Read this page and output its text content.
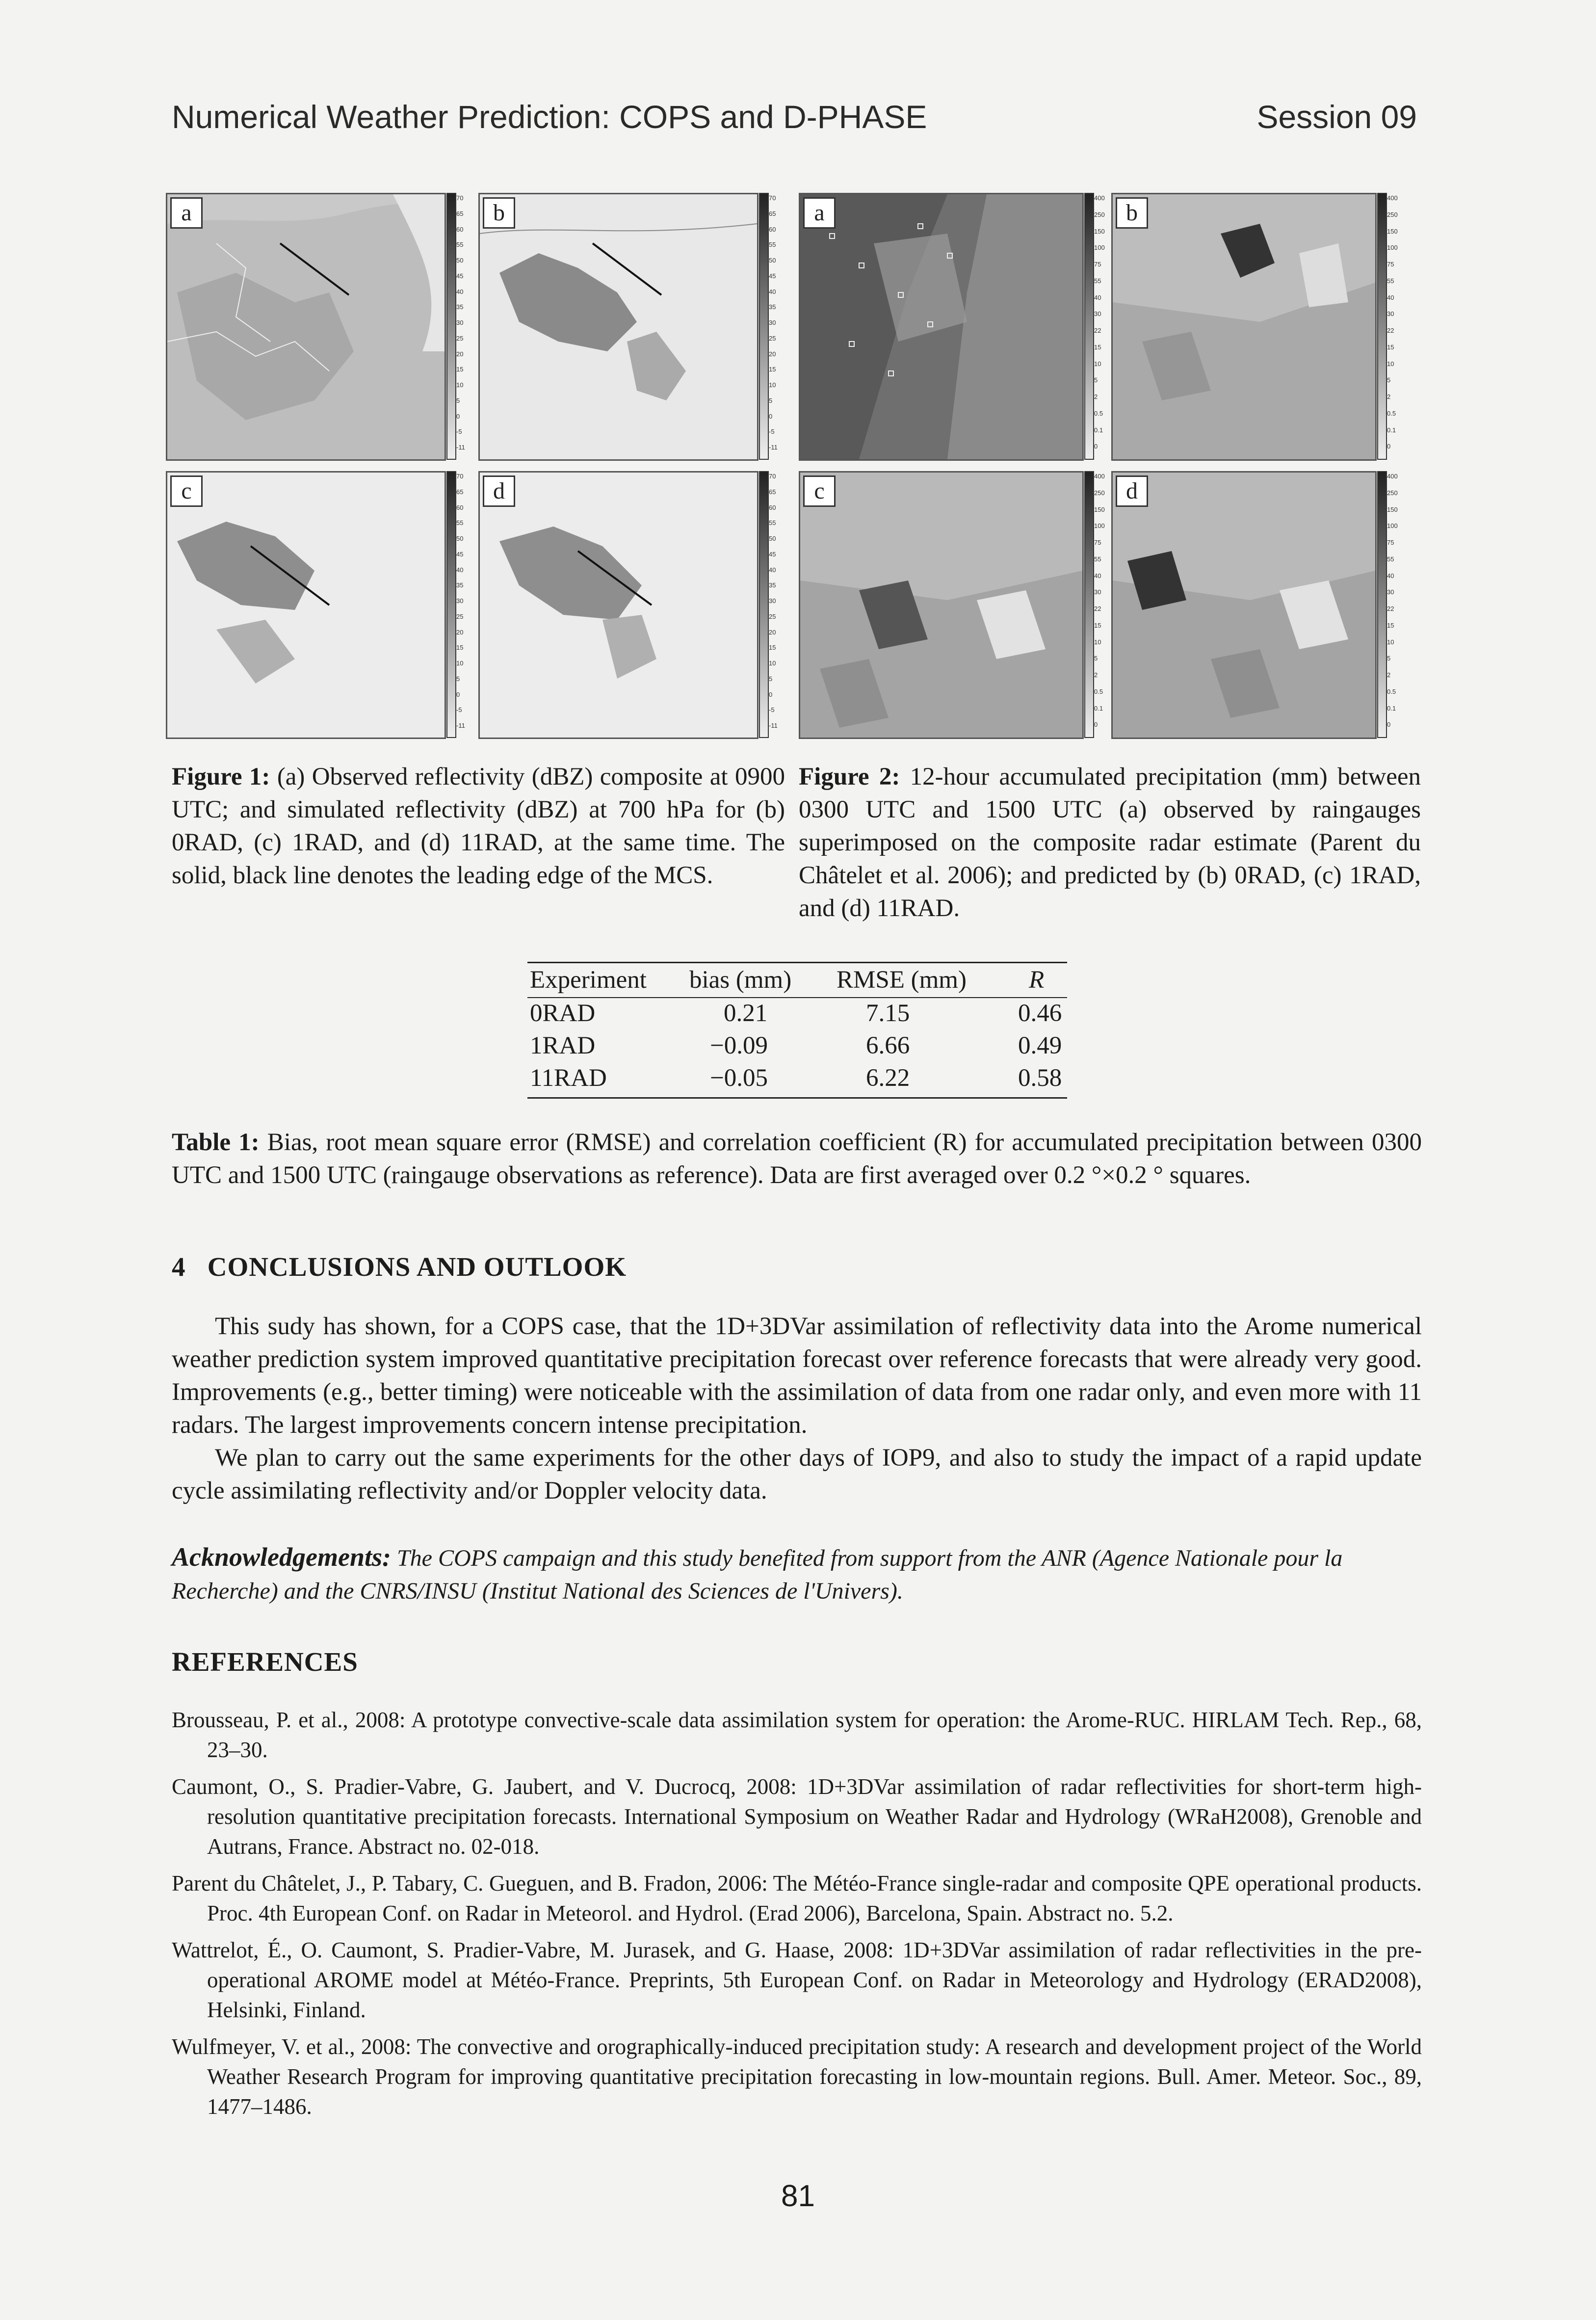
Numerical Weather Prediction: COPS and D-PHASE	Session 09
a	b
c	d
a	b
c	d
70
65
60
55
50
45
40
35
30
25
20
15
10
5
0
-5
-11
70
65
60
55
50
45
40
35
30
25
20
15
10
5
0
-5
-11
70
65
60
55
50
45
40
35
30
25
20
15
10
5
0
-5
-11
70
65
60
55
50
45
40
35
30
25
20
15
10
5
0
-5
-11
400
250
150
100
75
55
40
30
22
15
10
5
2
0.5
0.1
0
400
250
150
100
75
55
40
30
22
15
10
5
2
0.5
0.1
0
400
250
150
100
75
55
40
30
22
15
10
5
2
0.5
0.1
0
400
250
150
100
75
55
40
30
22
15
10
5
2
0.5
0.1
0
Figure 1: (a) Observed reflectivity (dBZ) composite at 0900 UTC; and simulated reflectivity (dBZ) at 700 hPa for (b) 0RAD, (c) 1RAD, and (d) 11RAD, at the same time. The solid, black line denotes the leading edge of the MCS.
Figure 2: 12-hour accumulated precipitation (mm) between 0300 UTC and 1500 UTC (a) observed by raingauges superimposed on the composite radar estimate (Parent du Châtelet et al. 2006); and predicted by (b) 0RAD, (c) 1RAD, and (d) 11RAD.
Experiment bias (mm) RMSE (mm) R
0RAD	0.21	7.15	0.46
1RAD	−0.09	6.66	0.49
11RAD	−0.05	6.22	0.58
Table 1: Bias, root mean square error (RMSE) and correlation coefficient (R) for accumulated precipitation between 0300 UTC and 1500 UTC (raingauge observations as reference). Data are first averaged over 0.2 °×0.2 ° squares.
4   CONCLUSIONS AND OUTLOOK

This sudy has shown, for a COPS case, that the 1D+3DVar assimilation of reflectivity data into the Arome numerical weather prediction system improved quantitative precipitation forecast over reference forecasts that were already very good. Improvements (e.g., better timing) were noticeable with the assimilation of data from one radar only, and even more with 11 radars. The largest improvements concern intense precipitation.

We plan to carry out the same experiments for the other days of IOP9, and also to study the impact of a rapid update cycle assimilating reflectivity and/or Doppler velocity data.

Acknowledgements: The COPS campaign and this study benefited from support from the ANR (Agence Nationale pour la Recherche) and the CNRS/INSU (Institut National des Sciences de l'Univers).
REFERENCES

Brousseau, P. et al., 2008: A prototype convective-scale data assimilation system for operation: the Arome-RUC. HIRLAM Tech. Rep., 68, 23–30.

Caumont, O., S. Pradier-Vabre, G. Jaubert, and V. Ducrocq, 2008: 1D+3DVar assimilation of radar reflectivities for short-term high-resolution quantitative precipitation forecasts. International Symposium on Weather Radar and Hydrology (WRaH2008), Grenoble and Autrans, France. Abstract no. 02-018.

Parent du Châtelet, J., P. Tabary, C. Gueguen, and B. Fradon, 2006: The Météo-France single-radar and composite QPE operational products. Proc. 4th European Conf. on Radar in Meteorol. and Hydrol. (Erad 2006), Barcelona, Spain. Abstract no. 5.2.

Wattrelot, É., O. Caumont, S. Pradier-Vabre, M. Jurasek, and G. Haase, 2008: 1D+3DVar assimilation of radar reflectivities in the pre-operational AROME model at Météo-France. Preprints, 5th European Conf. on Radar in Meteorology and Hydrology (ERAD2008), Helsinki, Finland.

Wulfmeyer, V. et al., 2008: The convective and orographically-induced precipitation study: A research and development project of the World Weather Research Program for improving quantitative precipitation forecasting in low-mountain regions. Bull. Amer. Meteor. Soc., 89, 1477–1486.

81
